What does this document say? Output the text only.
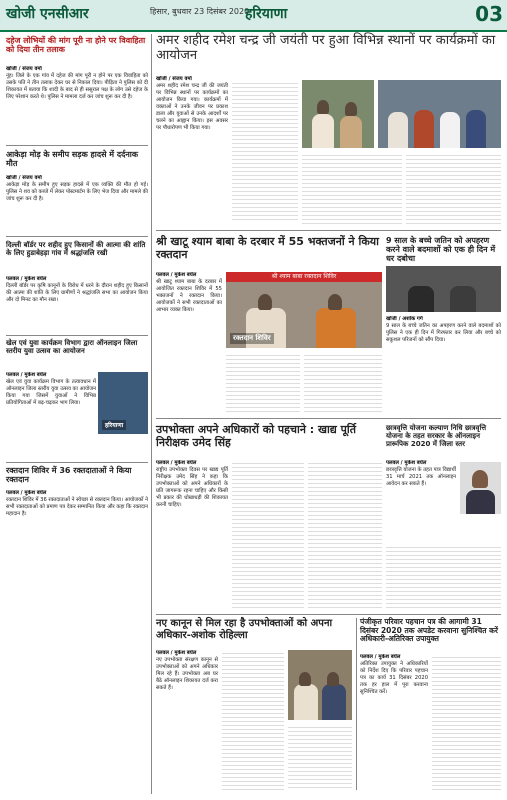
खोजी एनसीआर	हिसार, बुधवार 23 दिसंबर 2020
हरियाणा	03
दहेज लोभियों की मांग पूरी ना होने पर विवाहिता को दिया तीन तलाक

खोजी / संजय वर्मा

नूंह। जिले के एक गांव में दहेज की मांग पूरी न होने पर एक विवाहिता को उसके पति ने तीन तलाक देकर घर से निकाल दिया। पीड़िता ने पुलिस को दी शिकायत में बताया कि शादी के बाद से ही ससुराल पक्ष के लोग उसे दहेज के लिए परेशान करते थे। पुलिस ने मामला दर्ज कर जांच शुरू कर दी है।

आकेड़ा मोड़ के समीप सड़क हादसे में दर्दनाक मौत

खोजी / संजय वर्मा

आकेड़ा मोड़ के समीप हुए सड़क हादसे में एक व्यक्ति की मौत हो गई। पुलिस ने शव को कब्जे में लेकर पोस्टमार्टम के लिए भेज दिया और मामले की जांच शुरू कर दी है।

दिल्ली बॉर्डर पर शहीद हुए किसानों की आत्मा की शांति के लिए हुडाबेहड़ा गांव में श्रद्धांजलि रखी

पलवल / मुकेश बघेल

दिल्ली बॉर्डर पर कृषि कानूनों के विरोध में धरने के दौरान शहीद हुए किसानों की आत्मा की शांति के लिए ग्रामीणों ने श्रद्धांजलि सभा का आयोजन किया और दो मिनट का मौन रखा।

खेल एवं युवा कार्यक्रम विभाग द्वारा ऑनलाइन जिला स्तरीय युवा उत्सव का आयोजन

पलवल / मुकेश बघेल

खेल एवं युवा कार्यक्रम विभाग के तत्वावधान में ऑनलाइन जिला स्तरीय युवा उत्सव का आयोजन किया गया जिसमें युवाओं ने विभिन्न प्रतियोगिताओं में बढ़-चढ़कर भाग लिया।

हरियाणा
रक्तदान शिविर में 36 रक्तदाताओं ने किया रक्तदान

पलवल / मुकेश बघेल

रक्तदान शिविर में 36 रक्तदाताओं ने स्वेच्छा से रक्तदान किया। आयोजकों ने सभी रक्तदाताओं को प्रमाण पत्र देकर सम्मानित किया और कहा कि रक्तदान महादान है।

अमर शहीद रमेश चन्द्र जी जयंती पर हुआ विभिन्न स्थानों पर कार्यक्रमों का आयोजन

खोजी / संजय वर्मा

अमर शहीद रमेश चन्द्र जी की जयंती पर विभिन्न स्थानों पर कार्यक्रमों का आयोजन किया गया। कार्यक्रमों में वक्ताओं ने उनके जीवन पर प्रकाश डाला और युवाओं से उनके आदर्शों पर चलने का आह्वान किया। इस अवसर पर पौधारोपण भी किया गया।

श्री खाटू श्याम बाबा के दरबार में 55 भक्तजनों ने किया रक्तदान

पलवल / मुकेश बघेल

श्री खाटू श्याम बाबा के दरबार में आयोजित रक्तदान शिविर में 55 भक्तजनों ने रक्तदान किया। आयोजकों ने सभी रक्तदाताओं का आभार व्यक्त किया।

श्री श्याम बाबा रक्तदान शिविर
रक्तदान शिविर
9 साल के बच्चे जतिन को अपहरण करने वाले बदमाशों को एक ही दिन में धर दबोचा

खोजी / अशोक गर्ग

9 साल के बच्चे जतिन का अपहरण करने वाले बदमाशों को पुलिस ने एक ही दिन में गिरफ्तार कर लिया और बच्चे को सकुशल परिजनों को सौंप दिया।

उपभोक्ता अपने अधिकारों को पहचाने : खाद्य पूर्ति निरीक्षक उमेद सिंह

पलवल / मुकेश बघेल

राष्ट्रीय उपभोक्ता दिवस पर खाद्य पूर्ति निरीक्षक उमेद सिंह ने कहा कि उपभोक्ताओं को अपने अधिकारों के प्रति जागरूक रहना चाहिए और किसी भी प्रकार की धोखाधड़ी की शिकायत करनी चाहिए।

छात्रवृत्ति योजना कल्याण निधि छात्रवृत्ति योजना के तहत सरकार के ऑनलाइन प्रारूपिक 2020 में जिला स्तर

पलवल / मुकेश बघेल

छात्रवृत्ति योजना के तहत पात्र विद्यार्थी 31 मार्च 2021 तक ऑनलाइन आवेदन कर सकते हैं।

नए कानून से मिल रहा है उपभोक्ताओं को अपना अधिकार-अशोक रोहिल्ला

पलवल / मुकेश बघेल

नए उपभोक्ता संरक्षण कानून से उपभोक्ताओं को अपने अधिकार मिल रहे हैं। उपभोक्ता अब घर बैठे ऑनलाइन शिकायत दर्ज करा सकते हैं।

पंजीकृत परिवार पहचान पत्र की आगामी 31 दिसंबर 2020 तक अपडेट करवाना सुनिश्चित करें अधिकारी-अतिरिक्त उपायुक्त

पलवल / मुकेश बघेल

अतिरिक्त उपायुक्त ने अधिकारियों को निर्देश दिए कि परिवार पहचान पत्र का कार्य 31 दिसंबर 2020 तक हर हाल में पूरा करवाना सुनिश्चित करें।
